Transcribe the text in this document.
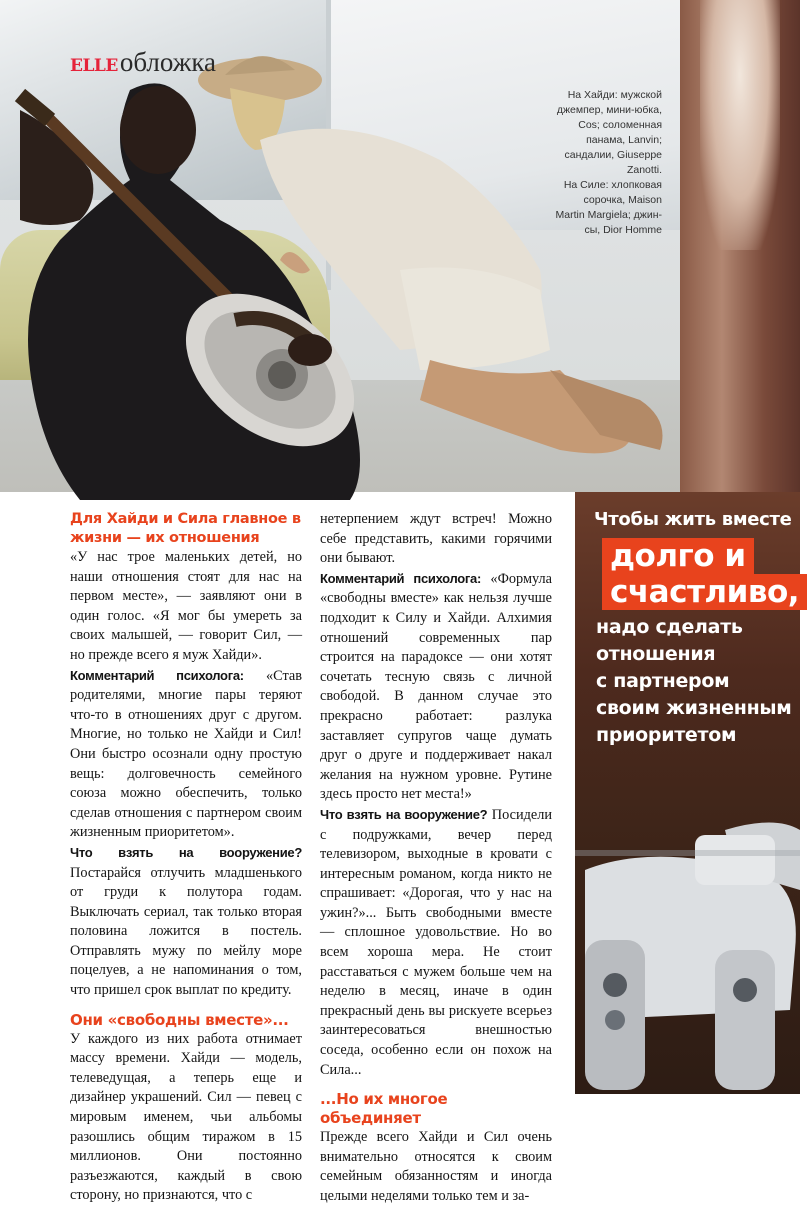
ELLE обложка

На Хайди: мужской

джемпер, мини-юбка,

Cos; соломенная

панама, Lanvin;

сандалии, Giuseppe

Zanotti.

На Силе: хлопковая

сорочка, Maison

Martin Margiela; джин-

сы, Dior Homme

Чтобы жить вместе
долго и
счастливо,
надо сделать
отношения
с партнером
своим жизненным
приоритетом
Для Хайди и Сила главное в жизни — их отношения

«У нас трое маленьких детей, но наши отношения стоят для нас на первом месте», — заявляют они в один голос. «Я мог бы умереть за своих малышей, — говорит Сил, — но прежде всего я муж Хайди».

Комментарий психолога: «Став родителями, многие пары теряют что-то в отношениях друг с другом. Многие, но только не Хайди и Сил! Они быстро осознали одну простую вещь: долговечность семейного союза можно обеспечить, только сделав отношения с партнером своим жизненным приоритетом».

Что взять на вооружение? Постарайся отлучить младшенького от груди к полутора годам. Выключать сериал, так только вторая половина ложится в постель. Отправлять мужу по мейлу море поцелуев, а не напоминания о том, что пришел срок выплат по кредиту.

Они «свободны вместе»...

У каждого из них работа отнимает массу времени. Хайди — модель, телеведущая, а теперь еще и дизайнер украшений. Сил — певец с мировым именем, чьи альбомы разошлись общим тиражом в 15 миллионов. Они постоянно разъезжаются, каждый в свою сторону, но признаются, что с

нетерпением ждут встреч! Можно себе представить, какими горячими они бывают.

Комментарий психолога: «Формула «свободны вместе» как нельзя лучше подходит к Силу и Хайди. Алхимия отношений современных пар строится на парадоксе — они хотят сочетать тесную связь с личной свободой. В данном случае это прекрасно работает: разлука заставляет супругов чаще думать друг о друге и поддерживает накал желания на нужном уровне. Рутине здесь просто нет места!»

Что взять на вооружение? Посидели с подружками, вечер перед телевизором, выходные в кровати с интересным романом, когда никто не спрашивает: «Дорогая, что у нас на ужин?»... Быть свободными вместе — сплошное удовольствие. Но во всем хороша мера. Не стоит расставаться с мужем больше чем на неделю в месяц, иначе в один прекрасный день вы рискуете всерьез заинтересоваться внешностью соседа, особенно если он похож на Сила...

...Но их многое объединяет

Прежде всего Хайди и Сил очень внимательно относятся к своим семейным обязанностям и иногда целыми неделями только тем и за-
